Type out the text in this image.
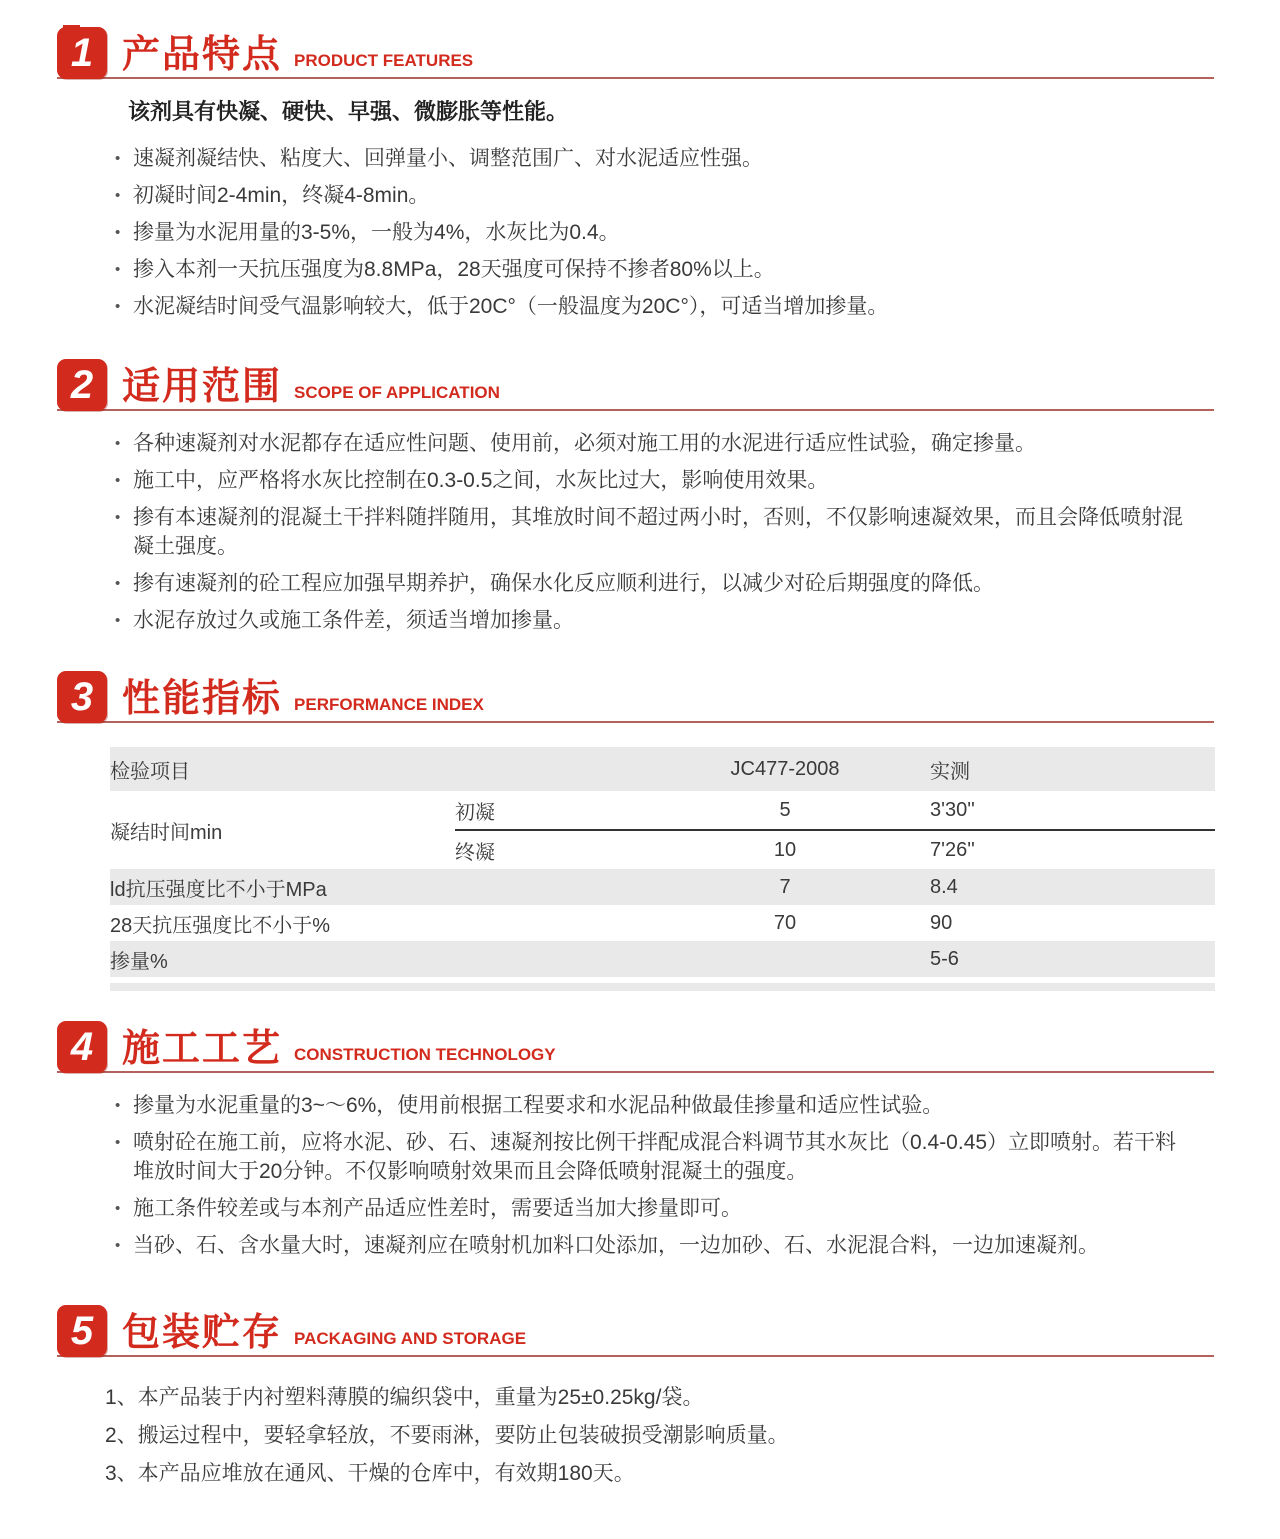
1 产品特点 PRODUCT FEATURES
该剂具有快凝、硬快、早强、微膨胀等性能。
• 速凝剂凝结快、粘度大、回弹量小、调整范围广、对水泥适应性强。
• 初凝时间2-4min，终凝4-8min。
• 掺量为水泥用量的3-5%，一般为4%，水灰比为0.4。
• 掺入本剂一天抗压强度为8.8MPa，28天强度可保持不掺者80%以上。
• 水泥凝结时间受气温影响较大，低于20C°（一般温度为20C°），可适当增加掺量。
2 适用范围 SCOPE OF APPLICATION
• 各种速凝剂对水泥都存在适应性问题、使用前，必须对施工用的水泥进行适应性试验，确定掺量。
• 施工中，应严格将水灰比控制在0.3-0.5之间，水灰比过大，影响使用效果。
• 掺有本速凝剂的混凝土干拌料随拌随用，其堆放时间不超过两小时，否则，不仅影响速凝效果，而且会降低喷射混凝土强度。
• 掺有速凝剂的砼工程应加强早期养护，确保水化反应顺利进行，以减少对砼后期强度的降低。
• 水泥存放过久或施工条件差，须适当增加掺量。
3 性能指标 PERFORMANCE INDEX
检验项目		JC477-2008	实测
凝结时间min	初凝	5	3'30''
	终凝	10	7'26''
ld抗压强度比不小于MPa		7	8.4
28天抗压强度比不小于%		70	90
掺量%			5-6
4 施工工艺 CONSTRUCTION TECHNOLOGY
• 掺量为水泥重量的3~～6%，使用前根据工程要求和水泥品种做最佳掺量和适应性试验。
• 喷射砼在施工前，应将水泥、砂、石、速凝剂按比例干拌配成混合料调节其水灰比（0.4-0.45）立即喷射。若干料堆放时间大于20分钟。不仅影响喷射效果而且会降低喷射混凝土的强度。
• 施工条件较差或与本剂产品适应性差时，需要适当加大掺量即可。
• 当砂、石、含水量大时，速凝剂应在喷射机加料口处添加，一边加砂、石、水泥混合料，一边加速凝剂。
5 包装贮存 PACKAGING AND STORAGE
1、本产品装于内衬塑料薄膜的编织袋中，重量为25±0.25kg/袋。
2、搬运过程中，要轻拿轻放，不要雨淋，要防止包装破损受潮影响质量。
3、本产品应堆放在通风、干燥的仓库中，有效期180天。
